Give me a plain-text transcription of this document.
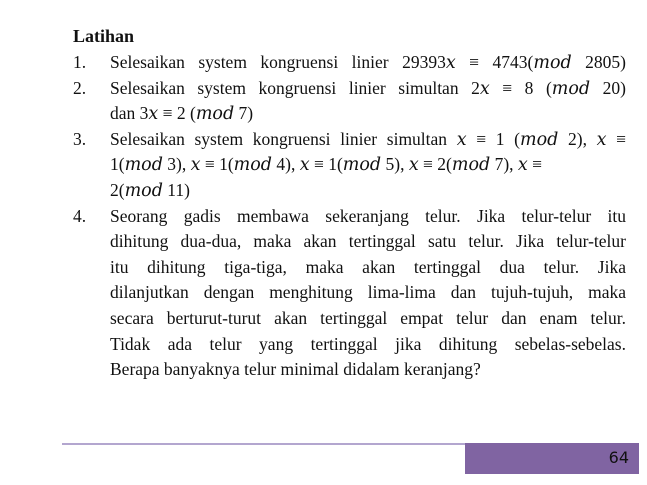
Latihan
1. Selesaikan system kongruensi linier 29393𝑥 ≡ 4743(𝑚𝑜𝑑 2805)
2. Selesaikan system kongruensi linier simultan 2𝑥 ≡ 8 (𝑚𝑜𝑑 20)
dan 3𝑥 ≡ 2 (𝑚𝑜𝑑 7)
3. Selesaikan system kongruensi linier simultan 𝑥 ≡ 1 (𝑚𝑜𝑑 2), 𝑥 ≡
1(𝑚𝑜𝑑 3), 𝑥 ≡ 1(𝑚𝑜𝑑 4), 𝑥 ≡ 1(𝑚𝑜𝑑 5), 𝑥 ≡ 2(𝑚𝑜𝑑 7), 𝑥 ≡
2(𝑚𝑜𝑑 11)
4. Seorang gadis membawa sekeranjang telur. Jika telur-telur itu
dihitung dua-dua, maka akan tertinggal satu telur. Jika telur-telur
itu dihitung tiga-tiga, maka akan tertinggal dua telur. Jika
dilanjutkan dengan menghitung lima-lima dan tujuh-tujuh, maka
secara berturut-turut akan tertinggal empat telur dan enam telur.
Tidak ada telur yang tertinggal jika dihitung sebelas-sebelas.
Berapa banyaknya telur minimal didalam keranjang?
64
